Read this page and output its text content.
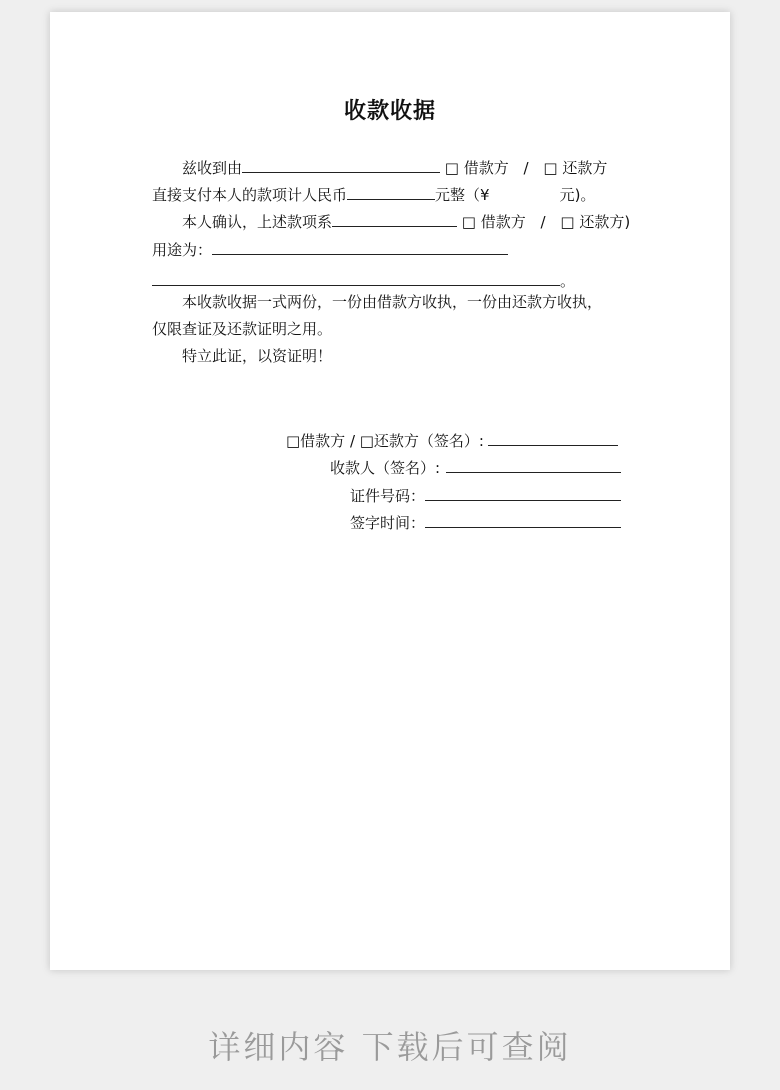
收款收据
兹收到由	□ 借款方 / □ 还款方
直接支付本人的款项计人民币	元整（¥	元)。
本人确认，上述款项系	□ 借款方 / □ 还款方)
用途为：
。
本收款收据一式两份，一份由借款方收执，一份由还款方收执，
仅限查证及还款证明之用。
特立此证，以资证明！
□借款方 / □还款方（签名）:
收款人（签名）:
证件号码：
签字时间：
详细内容 下载后可查阅
